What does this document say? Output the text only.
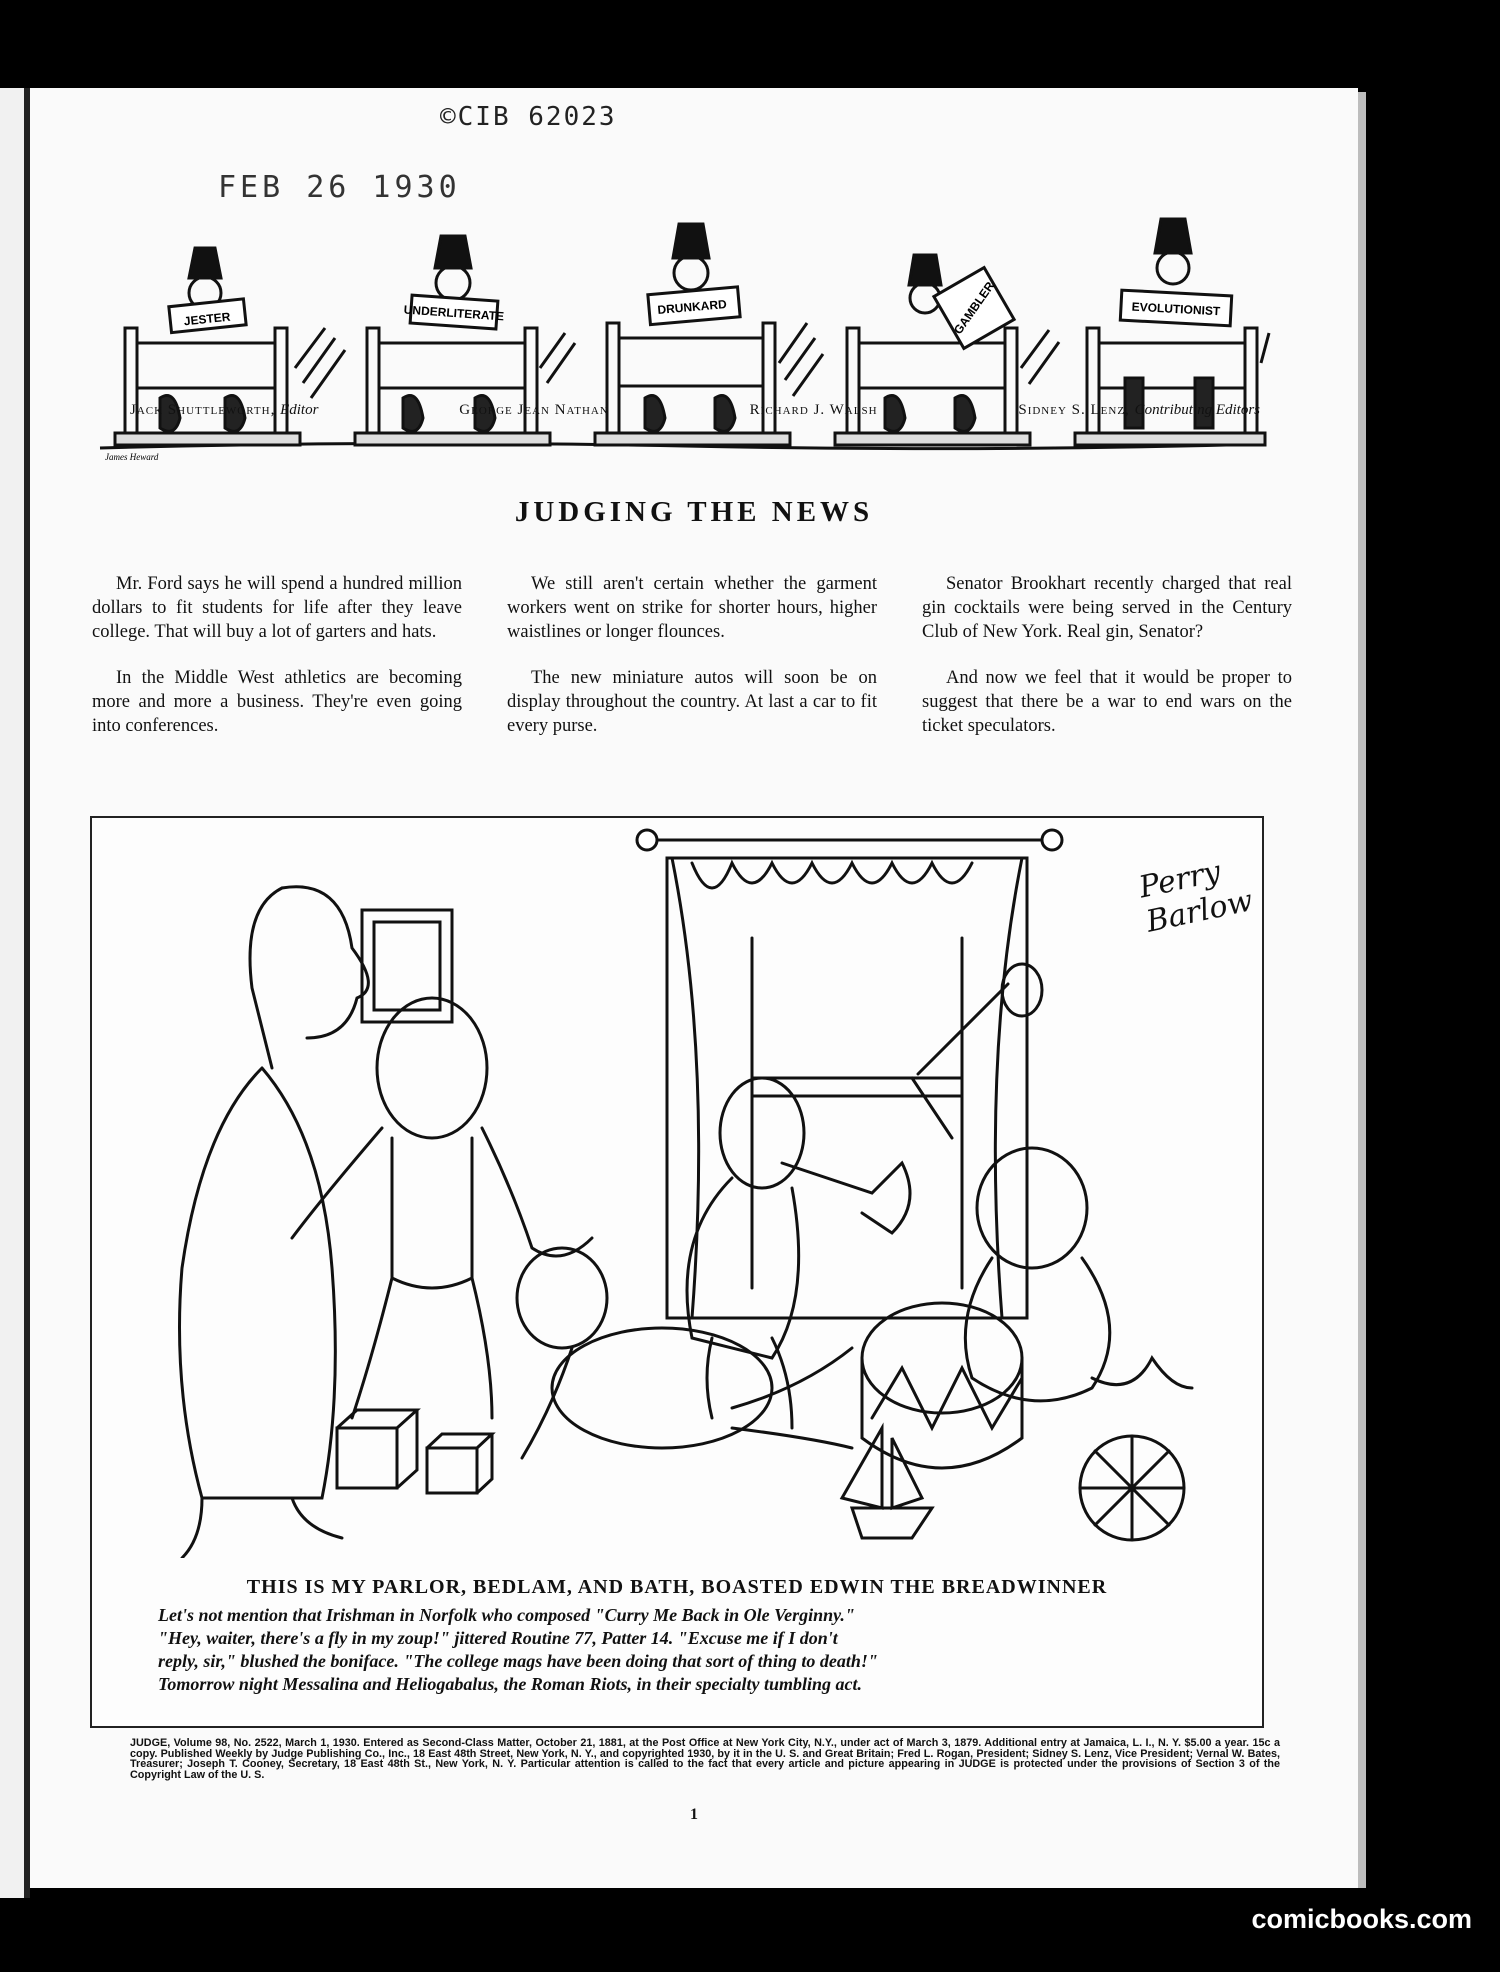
©CIB 62023
FEB 26 1930
JESTER	UNDERLITERATE	DRUNKARD	GAMBLER	EVOLUTIONIST
James Heward
Jack Shuttleworth, Editor	George Jean Nathan	Richard J. Walsh	Sidney S. Lenz, Contributing Editors
JUDGING THE NEWS

Mr. Ford says he will spend a hundred million dollars to fit students for life after they leave college. That will buy a lot of garters and hats.

In the Middle West athletics are becoming more and more a business. They're even going into conferences.

We still aren't certain whether the garment workers went on strike for shorter hours, higher waistlines or longer flounces.

The new miniature autos will soon be on display throughout the country. At last a car to fit every purse.

Senator Brookhart recently charged that real gin cocktails were being served in the Century Club of New York. Real gin, Senator?

And now we feel that it would be proper to suggest that there be a war to end wars on the ticket speculators.

Perry Barlow
THIS IS MY PARLOR, BEDLAM, AND BATH, BOASTED EDWIN THE BREADWINNER
Let's not mention that Irishman in Norfolk who composed "Curry Me Back in Ole Verginny."
"Hey, waiter, there's a fly in my zoup!" jittered Routine 77, Patter 14. "Excuse me if I don't
reply, sir," blushed the boniface. "The college mags have been doing that sort of thing to death!"
Tomorrow night Messalina and Heliogabalus, the Roman Riots, in their specialty tumbling act.
JUDGE, Volume 98, No. 2522, March 1, 1930. Entered as Second-Class Matter, October 21, 1881, at the Post Office at New York City, N.Y., under act of March 3, 1879. Additional entry at Jamaica, L. I., N. Y. $5.00 a year. 15c a copy. Published Weekly by Judge Publishing Co., Inc., 18 East 48th Street, New York, N. Y., and copyrighted 1930, by it in the U. S. and Great Britain; Fred L. Rogan, President; Sidney S. Lenz, Vice President; Vernal W. Bates, Treasurer; Joseph T. Cooney, Secretary, 18 East 48th St., New York, N. Y. Particular attention is called to the fact that every article and picture appearing in JUDGE is protected under the provisions of Section 3 of the Copyright Law of the U. S.
1
comicbooks.com
